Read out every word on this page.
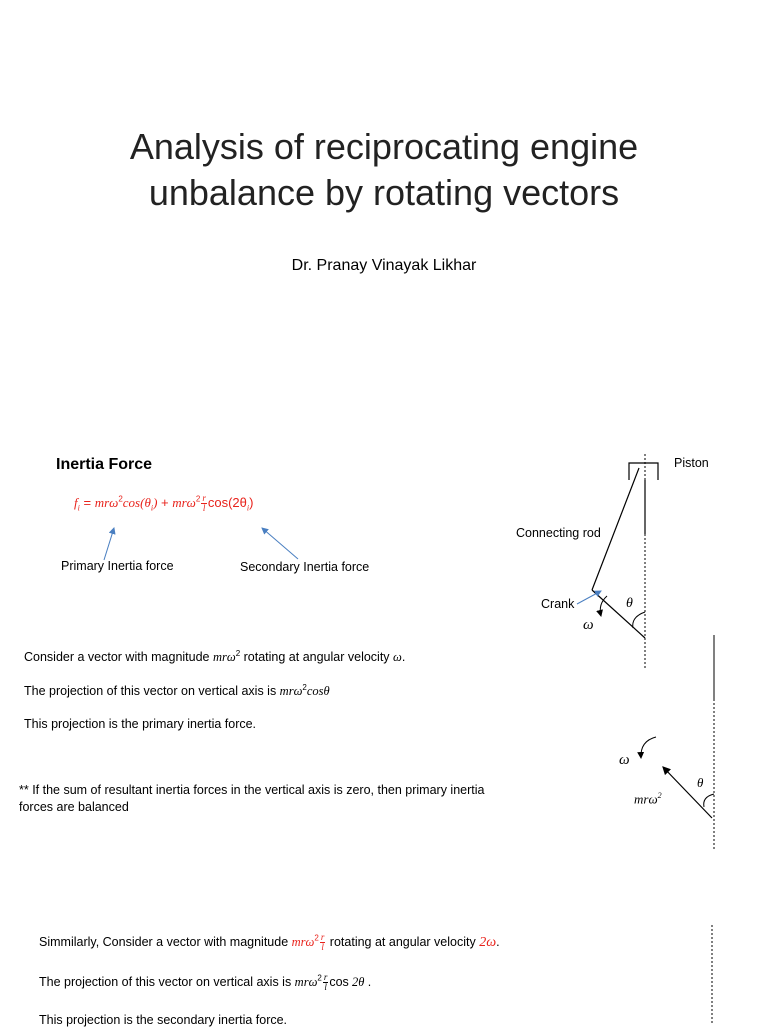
Analysis of reciprocating engine
unbalance by rotating vectors
Dr. Pranay Vinayak Likhar
Inertia Force
$f_i = mr\omega^2\cos(\theta_i) + mr\omega^2 \frac{r}{l} \cos(2\theta_i)$
Primary Inertia force	Secondary Inertia force
Piston
Connecting rod
Crank	θ
ω
Consider a vector with magnitude mrω$^2$ rotating at angular velocity ω.
The projection of this vector on vertical axis is mrω$^2$cosθ
This projection is the primary inertia force.
** If the sum of resultant inertia forces in the vertical axis is zero, then primary inertia forces are balanced
ω
θ
mrω$^2$
Simmilarly, Consider a vector with magnitude $mr\omega^2 \frac{r}{l}$ rotating at angular velocity 2ω.
The projection of this vector on vertical axis is $mr\omega^2 \frac{r}{l}$ cos 2θ .
This projection is the secondary inertia force.
